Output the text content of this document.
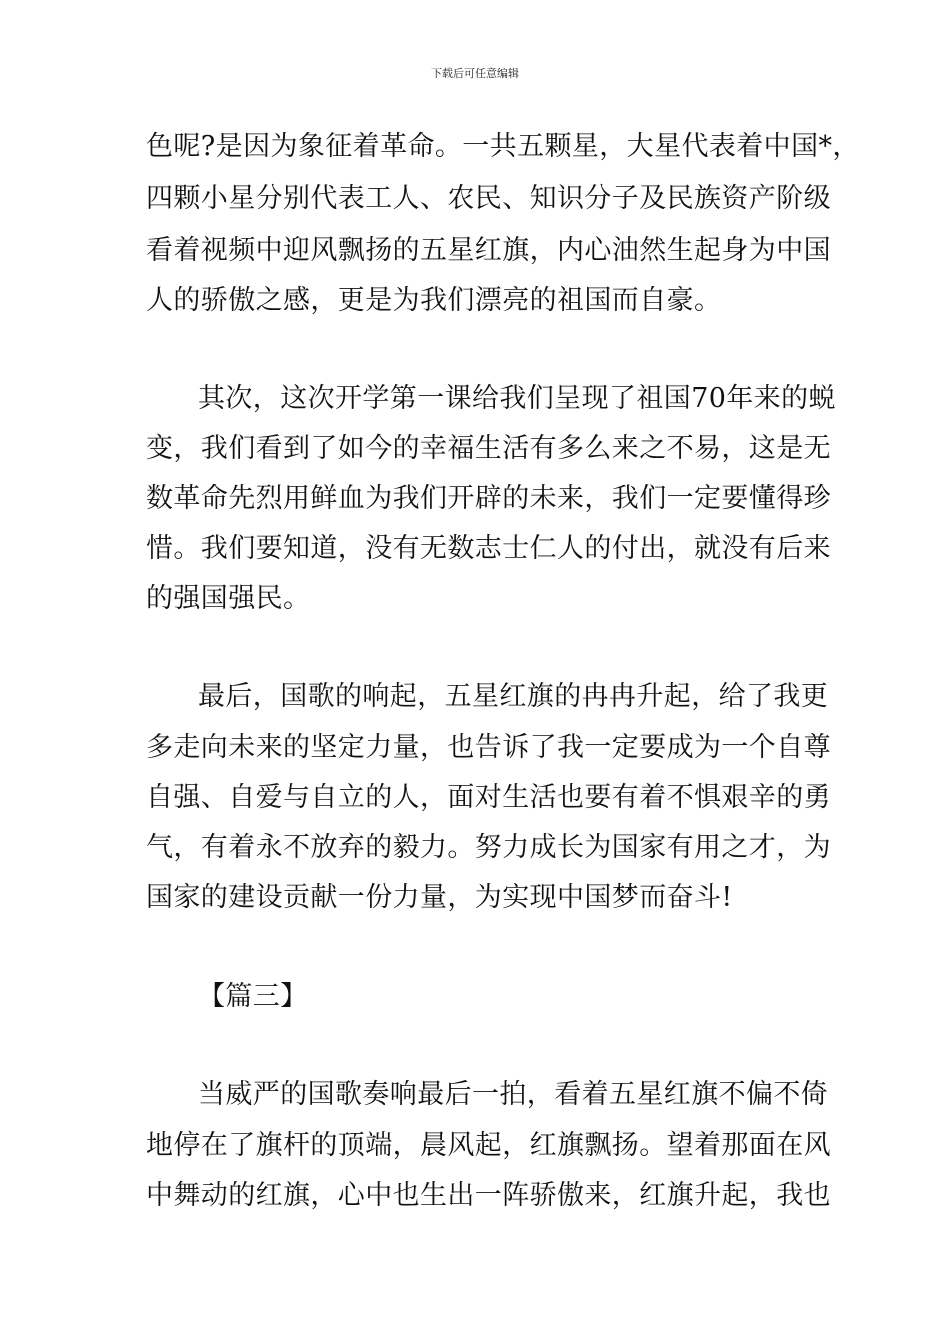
下载后可任意编辑
色呢?是因为象征着革命。一共五颗星，大星代表着中国*，
四颗小星分别代表工人、农民、知识分子及民族资产阶级
看着视频中迎风飘扬的五星红旗，内心油然生起身为中国
人的骄傲之感，更是为我们漂亮的祖国而自豪。
其次，这次开学第一课给我们呈现了祖国70年来的蜕
变，我们看到了如今的幸福生活有多么来之不易，这是无
数革命先烈用鲜血为我们开辟的未来，我们一定要懂得珍
惜。我们要知道，没有无数志士仁人的付出，就没有后来
的强国强民。
最后，国歌的响起，五星红旗的冉冉升起，给了我更
多走向未来的坚定力量，也告诉了我一定要成为一个自尊
自强、自爱与自立的人，面对生活也要有着不惧艰辛的勇
气，有着永不放弃的毅力。努力成长为国家有用之才，为
国家的建设贡献一份力量，为实现中国梦而奋斗!
【篇三】
当威严的国歌奏响最后一拍，看着五星红旗不偏不倚
地停在了旗杆的顶端，晨风起，红旗飘扬。望着那面在风
中舞动的红旗，心中也生出一阵骄傲来，红旗升起，我也
